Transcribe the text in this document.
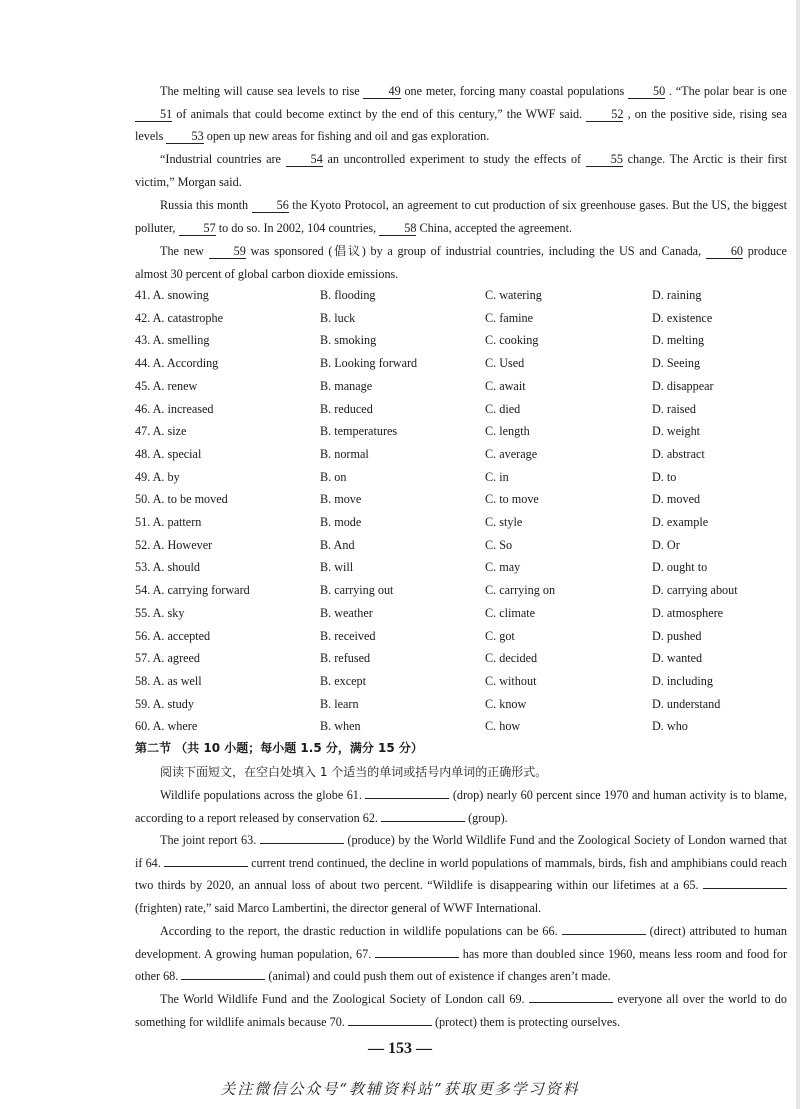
The melting will cause sea levels to rise 49 one meter, forcing many coastal populations 50 . “The polar bear is one 51 of animals that could become extinct by the end of this century,” the WWF said. 52 , on the positive side, rising sea levels 53 open up new areas for fishing and oil and gas exploration.

“Industrial countries are 54 an uncontrolled experiment to study the effects of 55 change. The Arctic is their first victim,” Morgan said.

Russia this month 56 the Kyoto Protocol, an agreement to cut production of six greenhouse gases. But the US, the biggest polluter, 57 to do so. In 2002, 104 countries, 58 China, accepted the agreement.

The new 59 was sponsored (倡议) by a group of industrial countries, including the US and Canada, 60 produce almost 30 percent of global carbon dioxide emissions.

41. A. snowing	B. flooding	C. watering	D. raining
42. A. catastrophe	B. luck	C. famine	D. existence
43. A. smelling	B. smoking	C. cooking	D. melting
44. A. According	B. Looking forward	C. Used	D. Seeing
45. A. renew	B. manage	C. await	D. disappear
46. A. increased	B. reduced	C. died	D. raised
47. A. size	B. temperatures	C. length	D. weight
48. A. special	B. normal	C. average	D. abstract
49. A. by	B. on	C. in	D. to
50. A. to be moved	B. move	C. to move	D. moved
51. A. pattern	B. mode	C. style	D. example
52. A. However	B. And	C. So	D. Or
53. A. should	B. will	C. may	D. ought to
54. A. carrying forward	B. carrying out	C. carrying on	D. carrying about
55. A. sky	B. weather	C. climate	D. atmosphere
56. A. accepted	B. received	C. got	D. pushed
57. A. agreed	B. refused	C. decided	D. wanted
58. A. as well	B. except	C. without	D. including
59. A. study	B. learn	C. know	D. understand
60. A. where	B. when	C. how	D. who
第二节 （共 10 小题；每小题 1.5 分，满分 15 分）
阅读下面短文，在空白处填入 1 个适当的单词或括号内单词的正确形式。

Wildlife populations across the globe 61.	(drop) nearly 60 percent since 1970 and human activity is to blame, according to a report released by conservation 62.	(group).

The joint report 63.	(produce) by the World Wildlife Fund and the Zoological Society of London warned that if 64.	current trend continued, the decline in world populations of mammals, birds, fish and amphibians could reach two thirds by 2020, an annual loss of about two percent. “Wildlife is disappearing within our lifetimes at a 65.  (frighten) rate,” said Marco Lambertini, the director general of WWF International.

According to the report, the drastic reduction in wildlife populations can be 66.	(direct) attributed to human development. A growing human population, 67.	has more than doubled since 1960, means less room and food for other 68.	(animal) and could push them out of existence if changes aren’t made.

The World Wildlife Fund and the Zoological Society of London call 69.	everyone all over the world to do something for wildlife animals because 70.	(protect) them is protecting ourselves.

— 153 —
关注微信公众号“教辅资料站”获取更多学习资料
